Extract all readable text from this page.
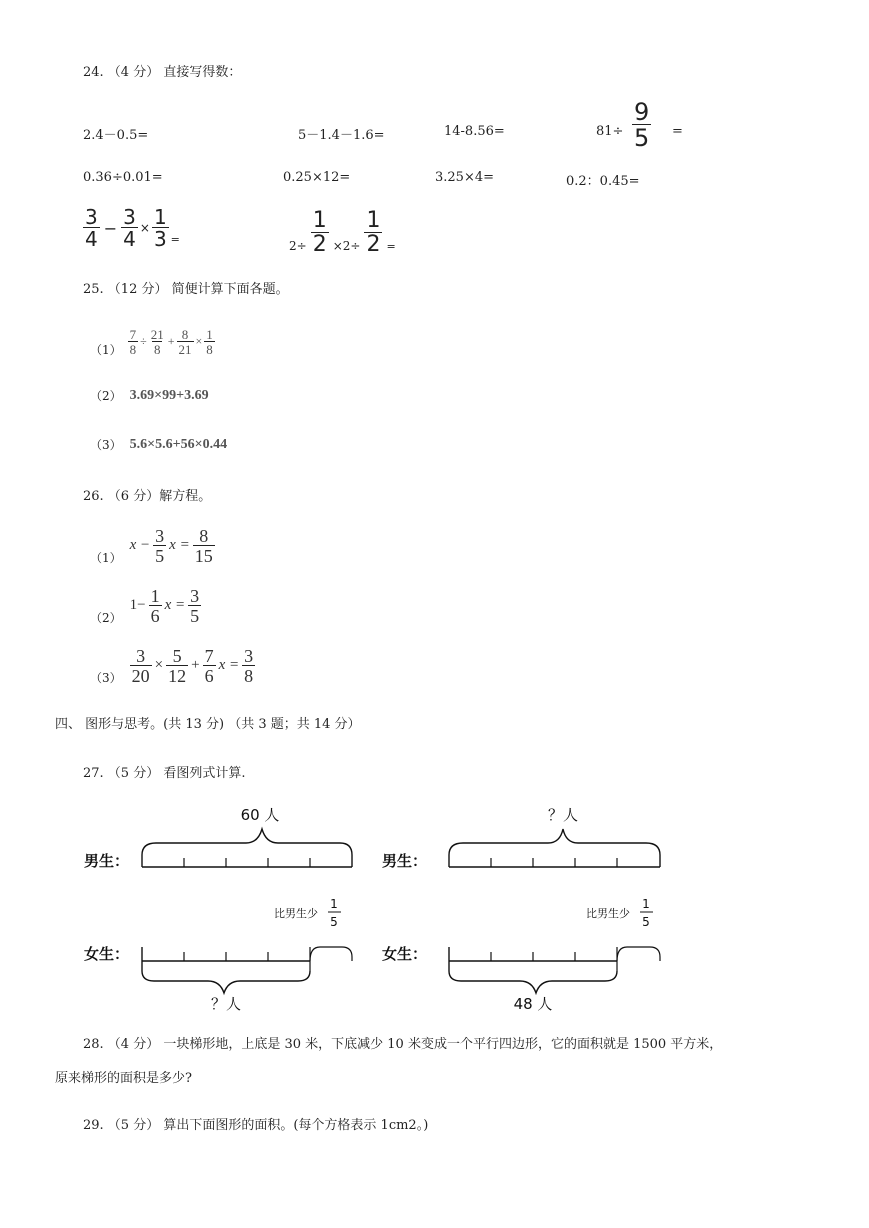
24. （4 分） 直接写得数：
2.4－0.5=	5－1.4－1.6=	14-8.56=	$81\div \frac{9}{5}$ =
0.36÷0.01=	0.25×12=	3.25×4=	0.2：0.45=
$\frac{3}{4} - \frac{3}{4} \times \frac{1}{3}$ =	$2\div \frac{1}{2} \times 2\div \frac{1}{2}$ =
25. （12 分） 简便计算下面各题。
$(1) \frac{7}{8} \div \frac{21}{8} + \frac{8}{21} \times \frac{1}{8}$
（2） 3.69×99+3.69
（3） 5.6×5.6+56×0.44
26. （6 分）解方程。
（1）
$x - \frac{3}{5}$ $x = \frac{8}{15}$
（2）
$1- \frac{1}{6}$ $x = \frac{3}{5}$
$(3) \frac{3}{20} \times \frac{5}{12} + \frac{7}{6}$ $x = \frac{3}{8}$
四、 图形与思考。(共 13 分) （共 3 题；共 14 分）
27. （5 分） 看图列式计算.
60 人
男生：
比男生少
1
5
女生：
？人
？人
男生：
比男生少
1
5
女生：
48 人
28. （4 分） 一块梯形地，上底是 30 米，下底减少 10 米变成一个平行四边形，它的面积就是 1500 平方米，
原来梯形的面积是多少?
29. （5 分） 算出下面图形的面积。(每个方格表示 1cm2。)
